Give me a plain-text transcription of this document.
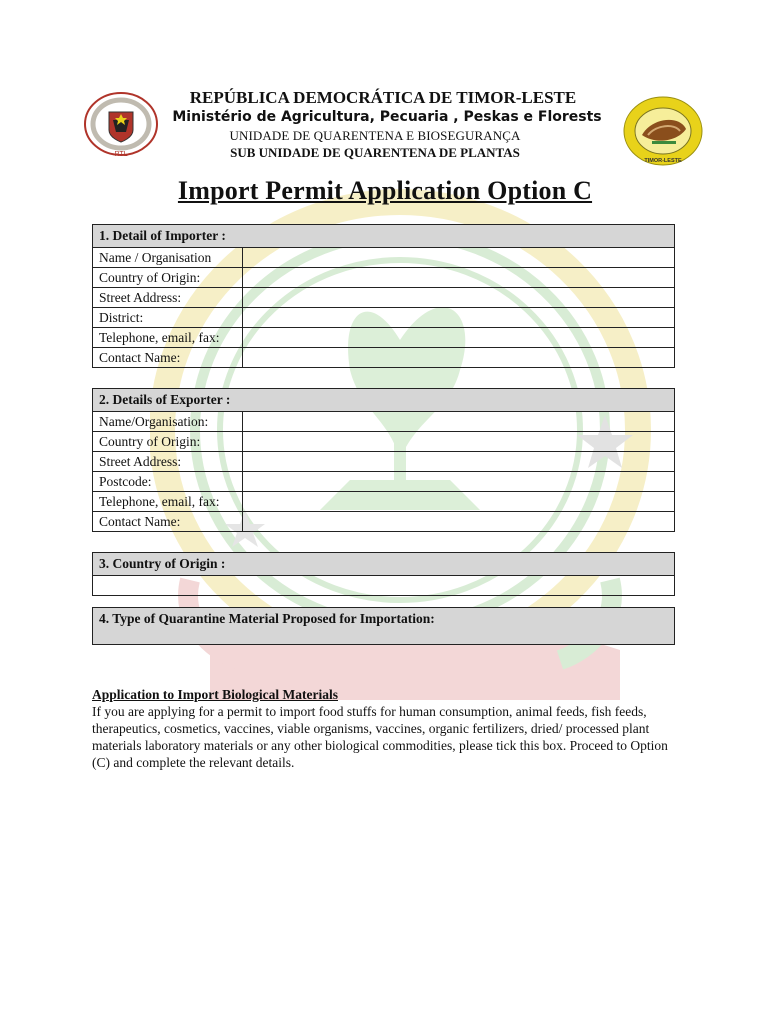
RTL
TIMOR-LESTE
REPÚBLICA DEMOCRÁTICA DE TIMOR-LESTE
Ministério de Agricultura, Pecuaria , Peskas e Florests
UNIDADE DE QUARENTENA E BIOSEGURANÇA
SUB UNIDADE DE QUARENTENA DE PLANTAS
Import Permit Application Option C
1. Detail of Importer :	
Name / Organisation	
Country of Origin:	
Street Address:	
District:	
Telephone, email, fax:	
Contact Name:	
2. Details of Exporter :	
Name/Organisation:	
Country of Origin:	
Street Address:	
Postcode:	
Telephone, email, fax:	
Contact Name:	
3. Country of Origin :

4. Type of Quarantine Material Proposed for Importation:
Application to Import Biological Materials

If you are applying for a permit to import food stuffs for human consumption, animal feeds, fish feeds, therapeutics, cosmetics, vaccines, viable organisms, vaccines, organic fertilizers, dried/ processed plant materials laboratory materials or any other biological commodities, please tick this box. Proceed to Option (C) and complete the relevant details.
